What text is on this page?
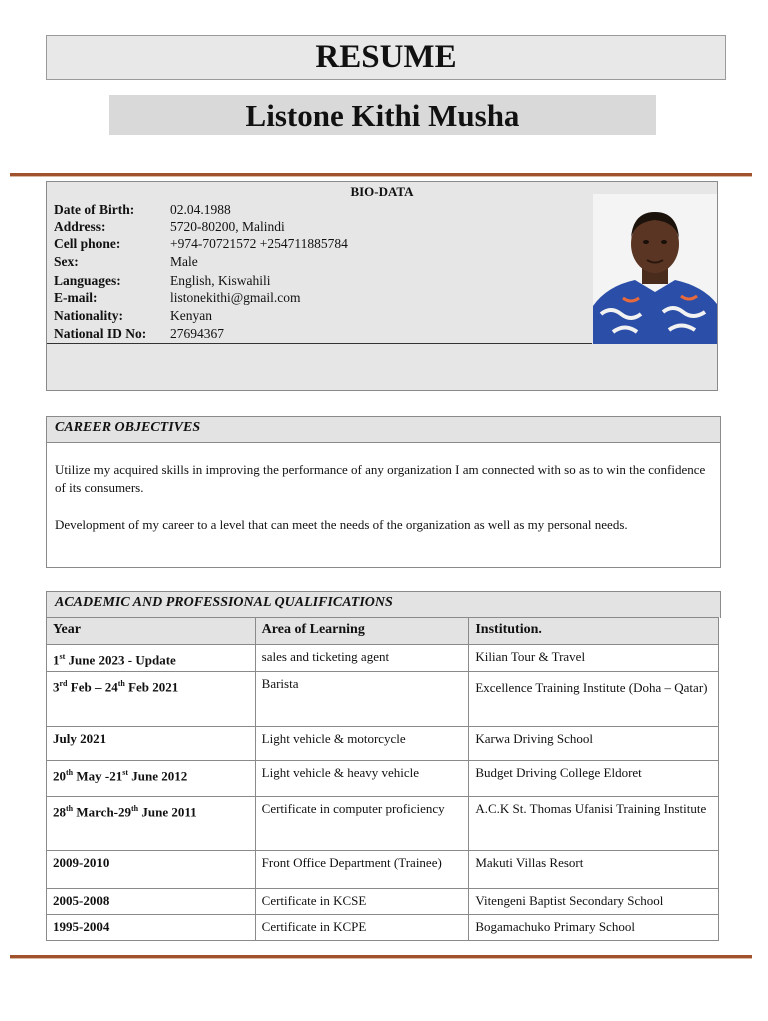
RESUME
Listone Kithi Musha
BIO-DATA
Date of Birth:	02.04.1988
Address:	5720-80200, Malindi
Cell phone:	+974-70721572 +254711885784
Sex:	Male
Languages:	English, Kiswahili
E-mail:	listonekithi@gmail.com
Nationality:	Kenyan
National ID No: 27694367
CAREER OBJECTIVES
Utilize my acquired skills in improving the performance of any organization I am connected with so as to win the confidence of its consumers.
Development of my career to a level that can meet the needs of the organization as well as my personal needs.
ACADEMIC AND PROFESSIONAL QUALIFICATIONS
Year	Area of Learning	Institution.
1st June 2023 - Update	sales and ticketing agent	Kilian Tour & Travel
3rd Feb – 24th Feb 2021	Barista	Excellence Training Institute (Doha – Qatar)
July 2021	Light vehicle & motorcycle	Karwa Driving School
20th May -21st June 2012	Light vehicle & heavy vehicle	Budget Driving College Eldoret
28th March-29th June 2011	Certificate in computer proficiency	A.C.K St. Thomas Ufanisi Training Institute
2009-2010	Front Office Department (Trainee)	Makuti Villas Resort
2005-2008	Certificate in KCSE	Vitengeni Baptist Secondary School
1995-2004	Certificate in KCPE	Bogamachuko Primary School
